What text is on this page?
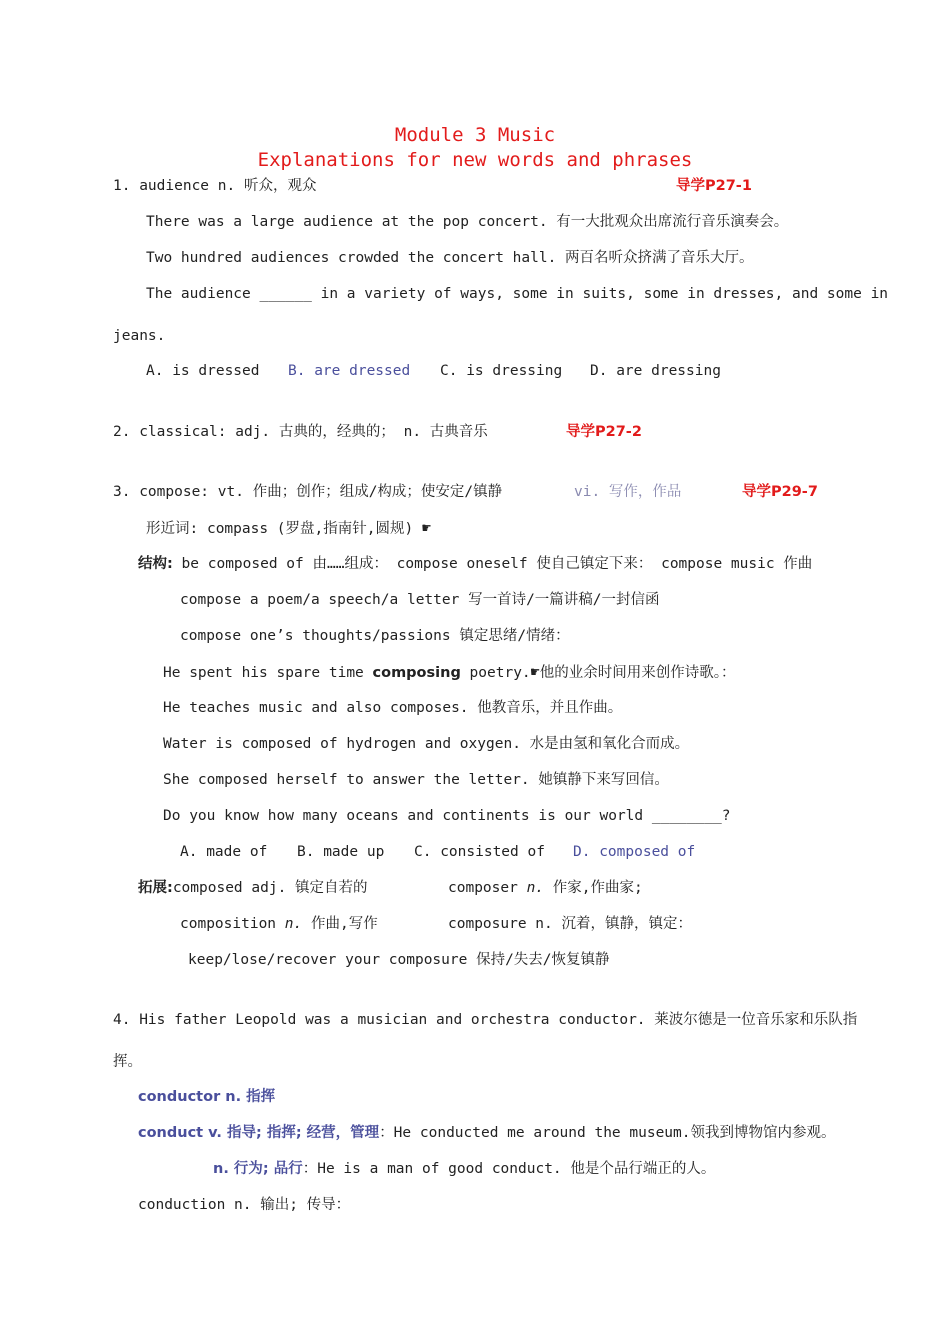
Module 3 Music
Explanations for new words and phrases
1. audience n. 听众，观众	导学P27-1
There was a large audience at the pop concert. 有一大批观众出席流行音乐演奏会。
Two hundred audiences crowded the concert hall. 两百名听众挤满了音乐大厅。
The audience ______ in a variety of ways, some in suits, some in dresses, and some in
jeans.
A. is dressed B. are dressed C. is dressing D. are dressing
2. classical: adj. 古典的，经典的； n. 古典音乐	导学P27-2
3. compose: vt. 作曲；创作；组成/构成；使安定/镇静	vi. 写作，作品	导学P29-7
形近词: compass (罗盘,指南针,圆规) ☛
结构: be composed of 由……组成： compose oneself 使自己镇定下来： compose music 作曲
compose a poem/a speech/a letter 写一首诗/一篇讲稿/一封信函
compose one’s thoughts/passions 镇定思绪/情绪：
He spent his spare time composing poetry.☛他的业余时间用来创作诗歌。：
He teaches music and also composes. 他教音乐，并且作曲。
Water is composed of hydrogen and oxygen. 水是由氢和氧化合而成。
She composed herself to answer the letter. 她镇静下来写回信。
Do you know how many oceans and continents is our world ________?
A. made of B. made up C. consisted of D. composed of
拓展:composed adj. 镇定自若的	composer n. 作家,作曲家;
composition n. 作曲,写作	composure n. 沉着，镇静，镇定：
keep/lose/recover your composure 保持/失去/恢复镇静
4. His father Leopold was a musician and orchestra conductor. 莱波尔德是一位音乐家和乐队指
挥。
conductor n. 指挥
conduct v. 指导; 指挥; 经营，管理：He conducted me around the museum.领我到博物馆内参观。
n. 行为; 品行：He is a man of good conduct. 他是个品行端正的人。
conduction n. 输出; 传导：
